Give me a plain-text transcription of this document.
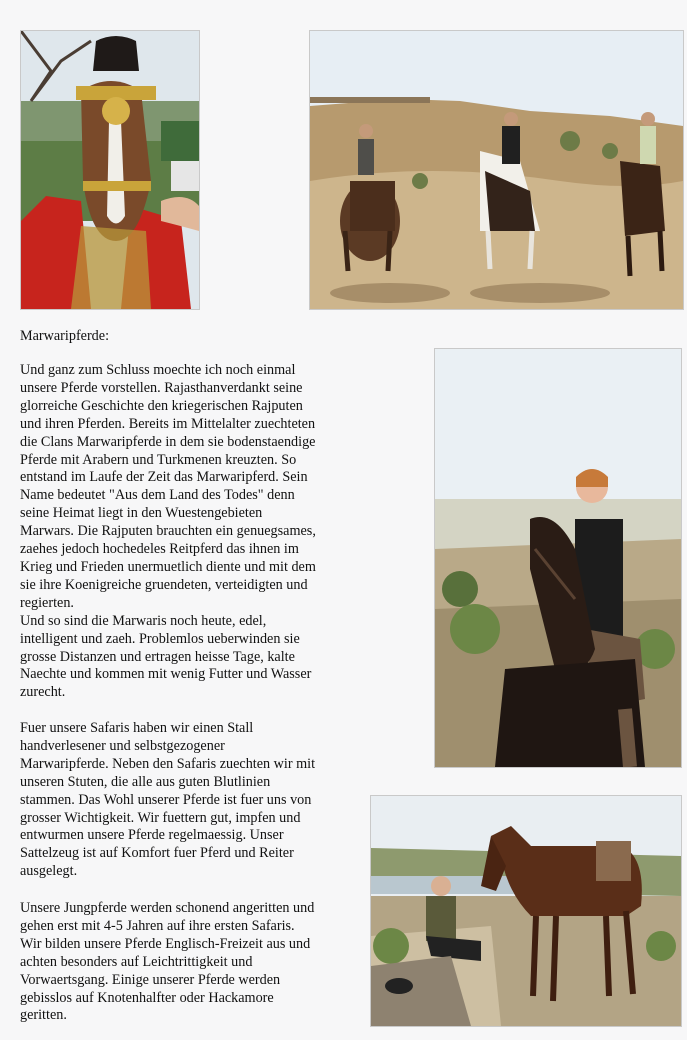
Marwaripferde:

Und ganz zum Schluss moechte ich noch einmal
unsere Pferde vorstellen. Rajasthanverdankt seine
glorreiche Geschichte den kriegerischen Rajputen
und ihren Pferden. Bereits im Mittelalter zuechteten
die Clans Marwaripferde in dem sie bodenstaendige
Pferde mit Arabern und Turkmenen kreuzten. So
entstand im Laufe der Zeit das Marwaripferd. Sein
Name bedeutet "Aus dem Land des Todes" denn
seine Heimat liegt in den Wuestengebieten
Marwars. Die Rajputen brauchten ein genuegsames,
zaehes jedoch hochedeles Reitpferd das ihnen im
Krieg und Frieden unermuetlich diente und mit dem
sie ihre Koenigreiche gruendeten, verteidigten und
regierten.
Und so sind die Marwaris noch heute, edel,
intelligent und zaeh. Problemlos ueberwinden sie
grosse Distanzen und ertragen heisse Tage, kalte
Naechte und kommen mit wenig Futter und Wasser
zurecht.

Fuer unsere Safaris haben wir einen Stall
handverlesener und selbstgezogener
Marwaripferde. Neben den Safaris zuechten wir mit
unseren Stuten, die alle aus guten Blutlinien
stammen. Das Wohl unserer Pferde ist fuer uns von
grosser Wichtigkeit. Wir fuettern gut, impfen und
entwurmen unsere Pferde regelmaessig. Unser
Sattelzeug ist auf Komfort fuer Pferd und Reiter
ausgelegt.

Unsere Jungpferde werden schonend angeritten und
gehen erst mit 4-5 Jahren auf ihre ersten Safaris.
Wir bilden unsere Pferde Englisch-Freizeit aus und
achten besonders auf Leichtrittigkeit und
Vorwaertsgang. Einige unserer Pferde werden
gebisslos auf Knotenhalfter oder Hackamore
geritten.
